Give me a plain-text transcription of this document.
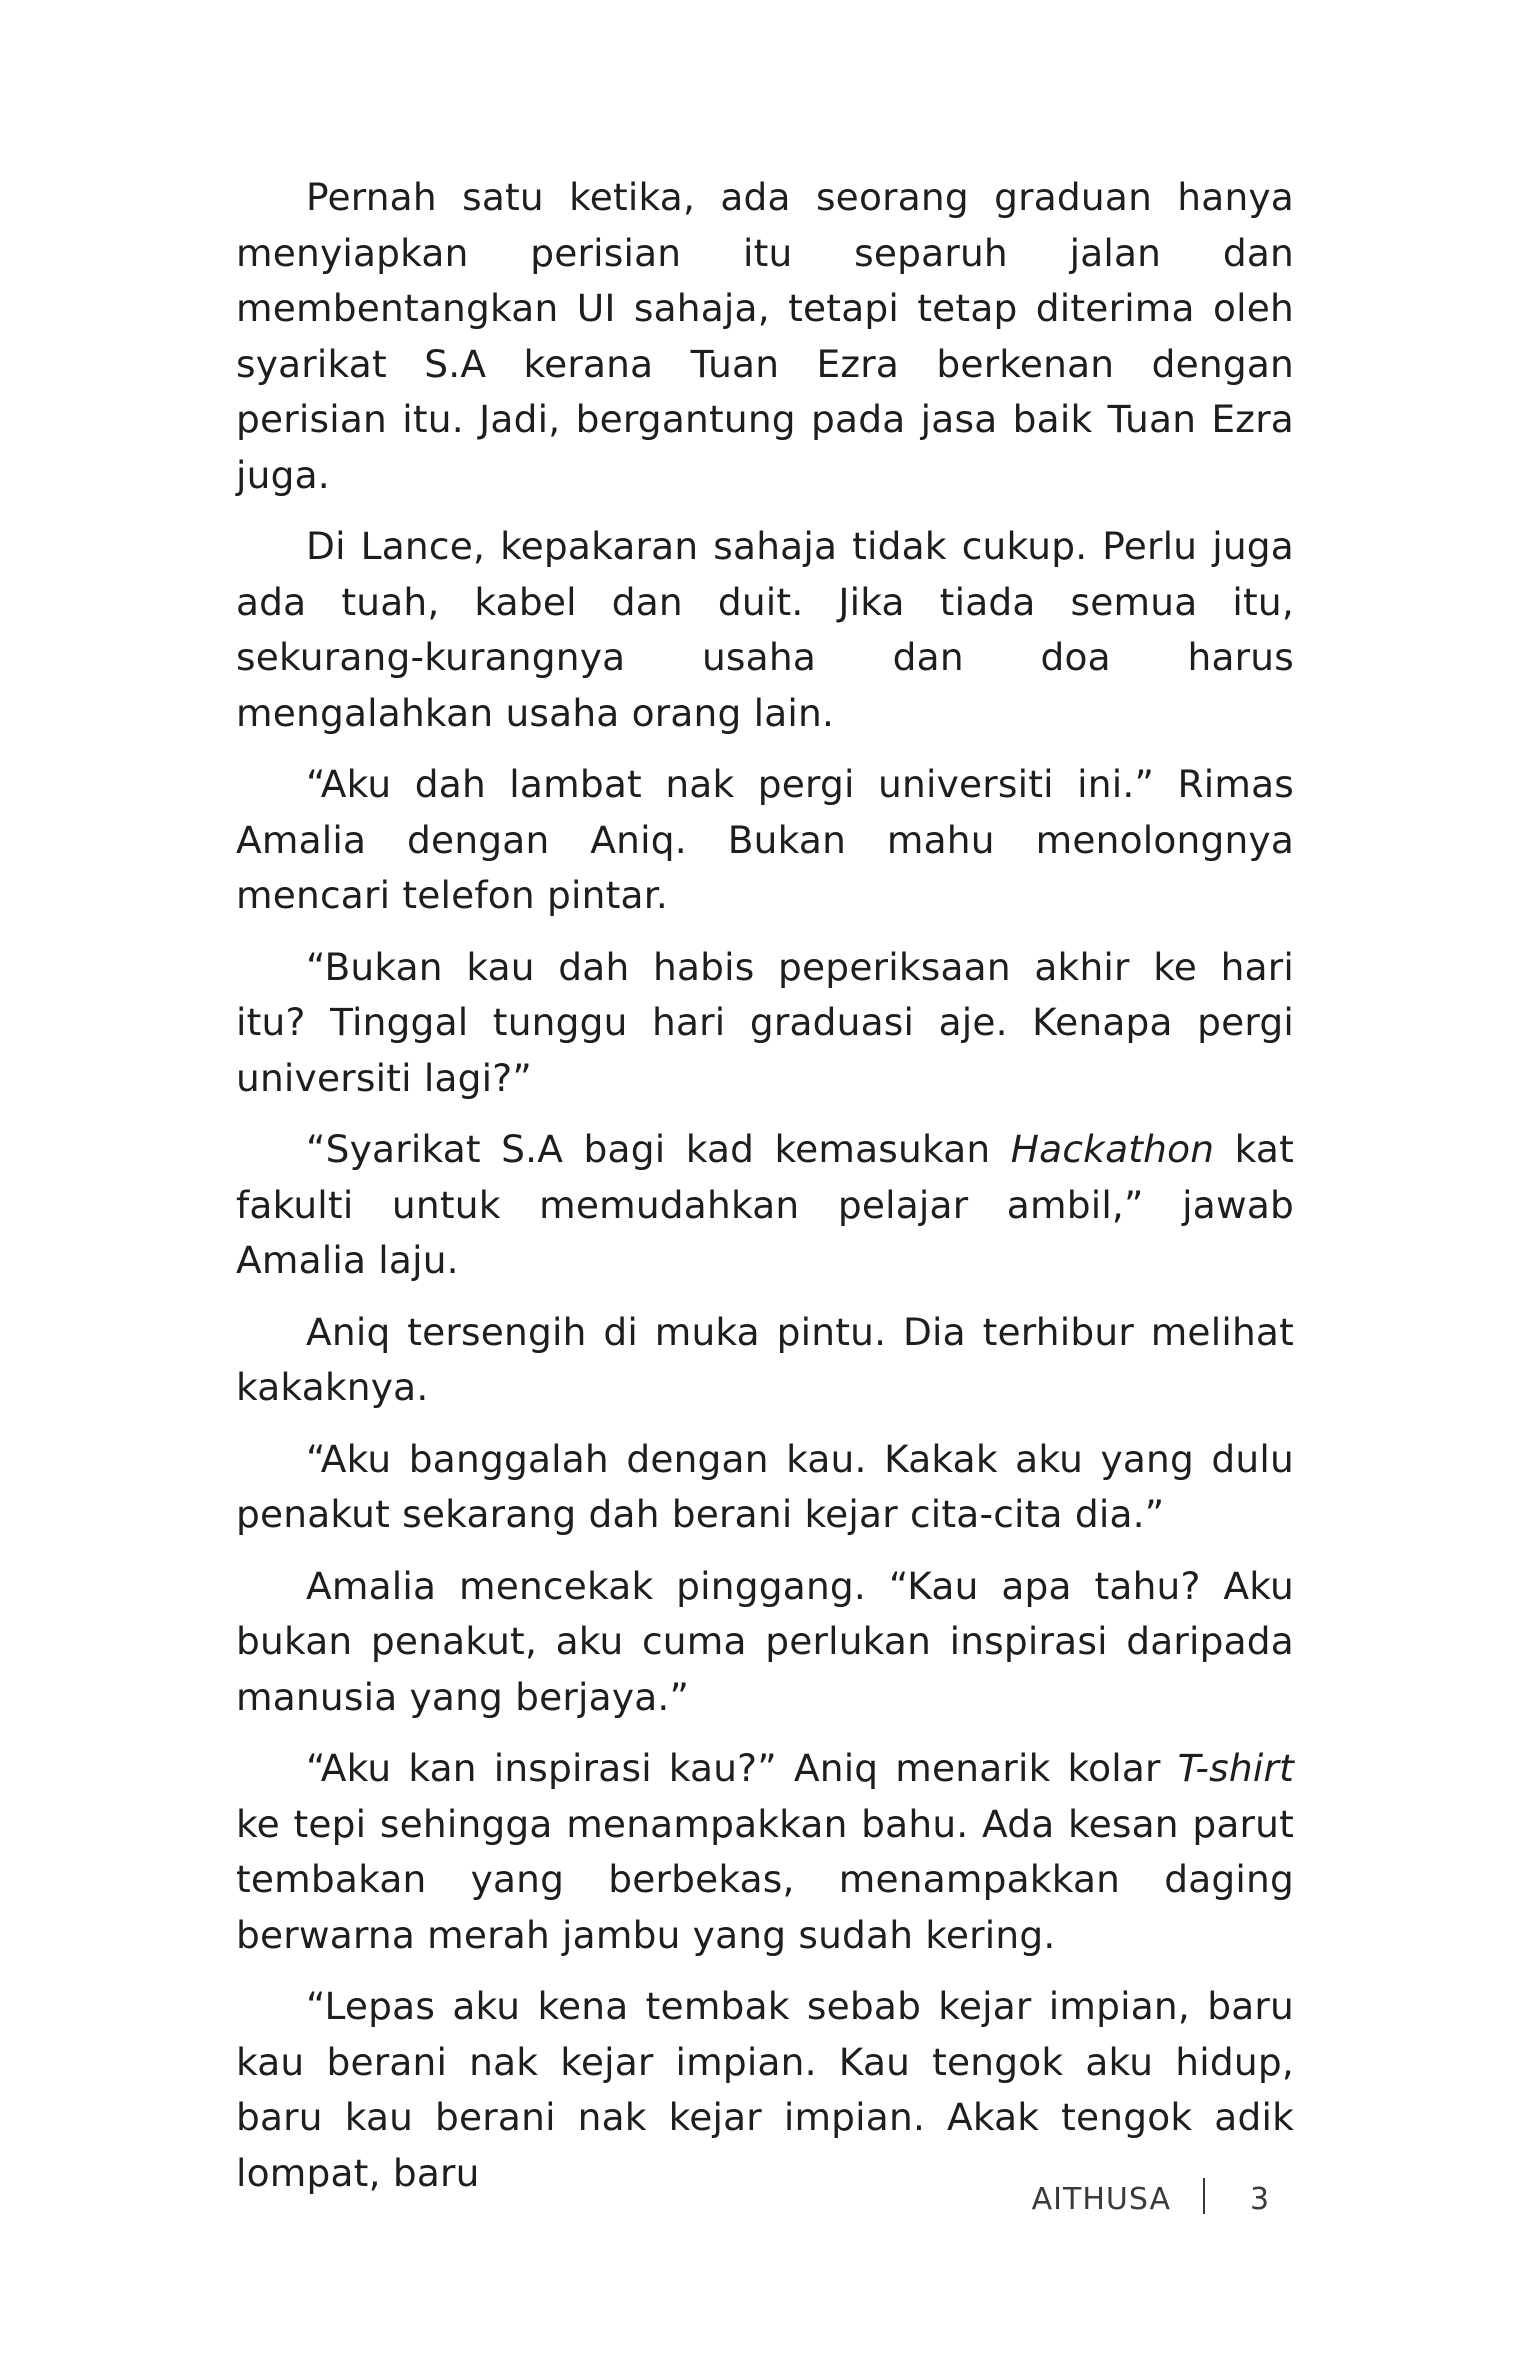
Pernah satu ketika, ada seorang graduan hanya menyiapkan perisian itu separuh jalan dan membentangkan UI sahaja, tetapi tetap diterima oleh syarikat S.A kerana Tuan Ezra berkenan dengan perisian itu. Jadi, bergantung pada jasa baik Tuan Ezra juga.

Di Lance, kepakaran sahaja tidak cukup. Perlu juga ada tuah, kabel dan duit. Jika tiada semua itu, sekurang-kurangnya usaha dan doa harus mengalahkan usaha orang lain.

“Aku dah lambat nak pergi universiti ini.” Rimas Amalia dengan Aniq. Bukan mahu menolongnya mencari telefon pintar.

“Bukan kau dah habis peperiksaan akhir ke hari itu? Tinggal tunggu hari graduasi aje. Kenapa pergi universiti lagi?”

“Syarikat S.A bagi kad kemasukan Hackathon kat fakulti untuk memudahkan pelajar ambil,” jawab Amalia laju.

Aniq tersengih di muka pintu. Dia terhibur melihat kakaknya.

“Aku banggalah dengan kau. Kakak aku yang dulu penakut sekarang dah berani kejar cita-cita dia.”

Amalia mencekak pinggang. “Kau apa tahu? Aku bukan penakut, aku cuma perlukan inspirasi daripada manusia yang berjaya.”

“Aku kan inspirasi kau?” Aniq menarik kolar T-shirt ke tepi sehingga menampakkan bahu. Ada kesan parut tembakan yang berbekas, menampakkan daging berwarna merah jambu yang sudah kering.

“Lepas aku kena tembak sebab kejar impian, baru kau berani nak kejar impian. Kau tengok aku hidup, baru kau berani nak kejar impian. Akak tengok adik lompat, baru

AITHUSA	3
